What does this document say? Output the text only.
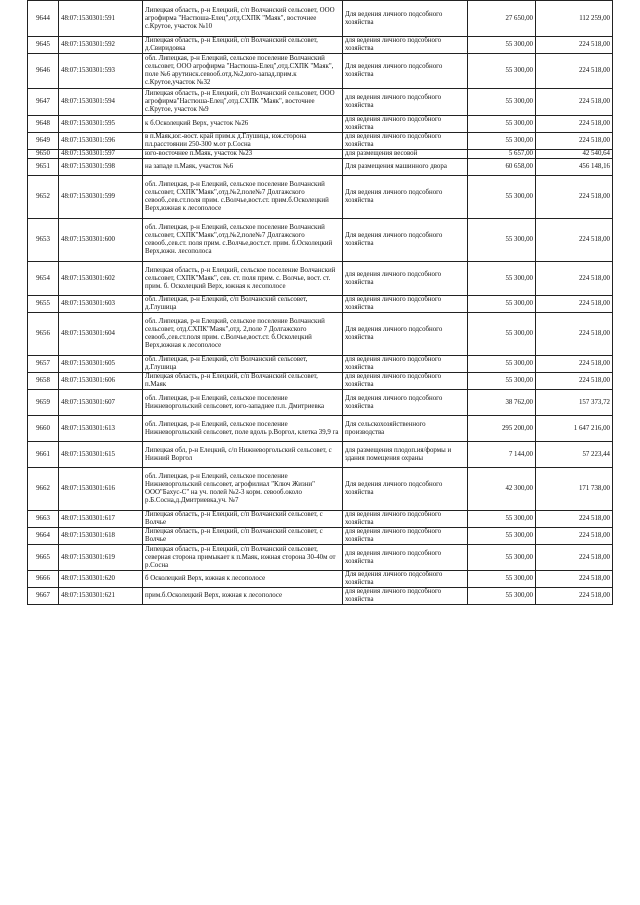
9644	48:07:1530301:591	Липецкая область, р-н Елецкий, с/п Волчанский сельсовет, ООО агрофирма "Настюша-Елец",отд.СХПК "Маяк", восточнее с.Крутое, участок №10	Для ведения личного подсобного хозяйства	27 650,00	112 259,00
9645	48:07:1530301:592	Липецкая область, р-н Елецкий, с/п Волчанский сельсовет, д.Свиридовка	для ведения личного подсобного хозяйства	55 300,00	224 518,00
9646	48:07:1530301:593	обл. Липецкая, р-н Елецкий, сельское поселение Волчанский сельсовет, ООО агрофирма "Настюша-Елец",отд.СХПК "Маяк", поле №6 арутинск.севооб.отд.№2,юго-запад.прим.к с.Крутое,участок №32	Для ведения личного подсобного хозяйства	55 300,00	224 518,00
9647	48:07:1530301:594	Липецкая область, р-н Елецкий, с/п Волчанский сельсовет, ООО агрофирма"Настюша-Елец",отд.СХПК "Маяк", восточнее с.Крутое, участок №9	для ведения личного подсобного хозяйства	55 300,00	224 518,00
9648	48:07:1530301:595	к б.Осколецкий Верх, участок №26	для ведения личного подсобного хозяйства	55 300,00	224 518,00
9649	48:07:1530301:596	в п.Маяк,юг.-вост. край прим.к д.Глушица, юж.сторона пл.расстоянии 250-300 м.от р.Сосна	для ведения личного подсобного хозяйства	55 300,00	224 518,00
9650	48:07:1530301:597	юго-восточнее п.Маяк, участок №23	для размещения весовой	5 657,00	42 540,64
9651	48:07:1530301:598	на западе п.Маяк, участок №6	Для размещения машинного двора	60 658,00	456 148,16
9652	48:07:1530301:599	обл. Липецкая, р-н Елецкий, сельское поселение Волчанский сельсовет, СХПК"Маяк",отд.№2,поле№7 Долгажского севооб.,сев.ст.поля прим. с.Волчье,вост.ст. прим.б.Осколецкий Верх,южная к лесополосе	Для ведения личного подсобного хозяйства	55 300,00	224 518,00
9653	48:07:1530301:600	обл. Липецкая, р-н Елецкий, сельское поселение Волчанский сельсовет, СХПК"Маяк",отд.№2,поле№7 Долгажского севооб.,сев.ст. поля прим. с.Волчье,вост.ст. прим. б.Осколецкий Верх,южн. лесополоса	Для ведения личного подсобного хозяйства	55 300,00	224 518,00
9654	48:07:1530301:602	Липецкая область, р-н Елецкий, сельское поселение Волчанский сельсовет, СХПК"Маяк", сев. ст. поля прим. с. Волчье, вост. ст. прим. б. Осколецкий Верх, южная к лесополосе	для ведения личного подсобного хозяйства	55 300,00	224 518,00
9655	48:07:1530301:603	обл. Липецкая, р-н Елецкий, с/п Волчанский сельсовет, д.Глушица	для ведения личного подсобного хозяйства	55 300,00	224 518,00
9656	48:07:1530301:604	обл. Липецкая, р-н Елецкий, сельское поселение Волчанский сельсовет, отд.СХПК"Маяк",отд. 2,поле 7 Долгажского севооб.,сев.ст.поля прим. с.Волчье,вост.ст. б.Осколецкий Верх,южная к лесополосе	Для ведения личного подсобного хозяйства	55 300,00	224 518,00
9657	48:07:1530301:605	обл. Липецкая, р-н Елецкий, с/п Волчанский сельсовет, д.Глушица	для ведения личного подсобного хозяйства	55 300,00	224 518,00
9658	48:07:1530301:606	Липецкая область, р-н Елецкий, с/п Волчанский сельсовет, п.Маяк	для ведения личного подсобного хозяйства	55 300,00	224 518,00
9659	48:07:1530301:607	обл. Липецкая, р-н Елецкий, сельское поселение Нижневоргольский сельсовет, юго-западнее п.п. Дмитриевка	Для ведения личного подсобного хозяйства	38 762,00	157 373,72
9660	48:07:1530301:613	обл. Липецкая, р-н Елецкий, сельское поселение Нижневоргольский сельсовет, поле вдоль р.Воргол, клетка 39,9 га	Для сельскохозяйственного производства	295 200,00	1 647 216,00
9661	48:07:1530301:615	Липецкая обл, р-н Елецкий, с/п Нижневоргольский сельсовет, с Нижний Воргол	для размещения плодоп.ия/формы и здания помещения охраны	7 144,00	57 223,44
9662	48:07:1530301:616	обл. Липецкая, р-н Елецкий, сельское поселение Нижневоргольский сельсовет, агрофилиал "Ключ Жизни" ООО"Бахус-С" на уч. полей №2-3 корм. севооб.около р.Б.Сосна,д.Дмитриевка,уч. №7	Для ведения личного подсобного хозяйства	42 300,00	171 738,00
9663	48:07:1530301:617	Липецкая область, р-н Елецкий, с/п Волчанский сельсовет, с Волчье	для ведения личного подсобного хозяйства	55 300,00	224 518,00
9664	48:07:1530301:618	Липецкая область, р-н Елецкий, с/п Волчанский сельсовет, с Волчье	для ведения личного подсобного хозяйства	55 300,00	224 518,00
9665	48:07:1530301:619	Липецкая область, р-н Елецкий, с/п Волчанский сельсовет, северная сторона примыкает к п.Маяк, южная сторона 30-40м от р.Сосна	для ведения личного подсобного хозяйства	55 300,00	224 518,00
9666	48:07:1530301:620	б Осколецкий Верх, южная к лесополосе	Для ведения личного подсобного хозяйства	55 300,00	224 518,00
9667	48:07:1530301:621	прим.б.Осколецкий Верх, южная к лесополосе	для ведения личного подсобного хозяйства	55 300,00	224 518,00
